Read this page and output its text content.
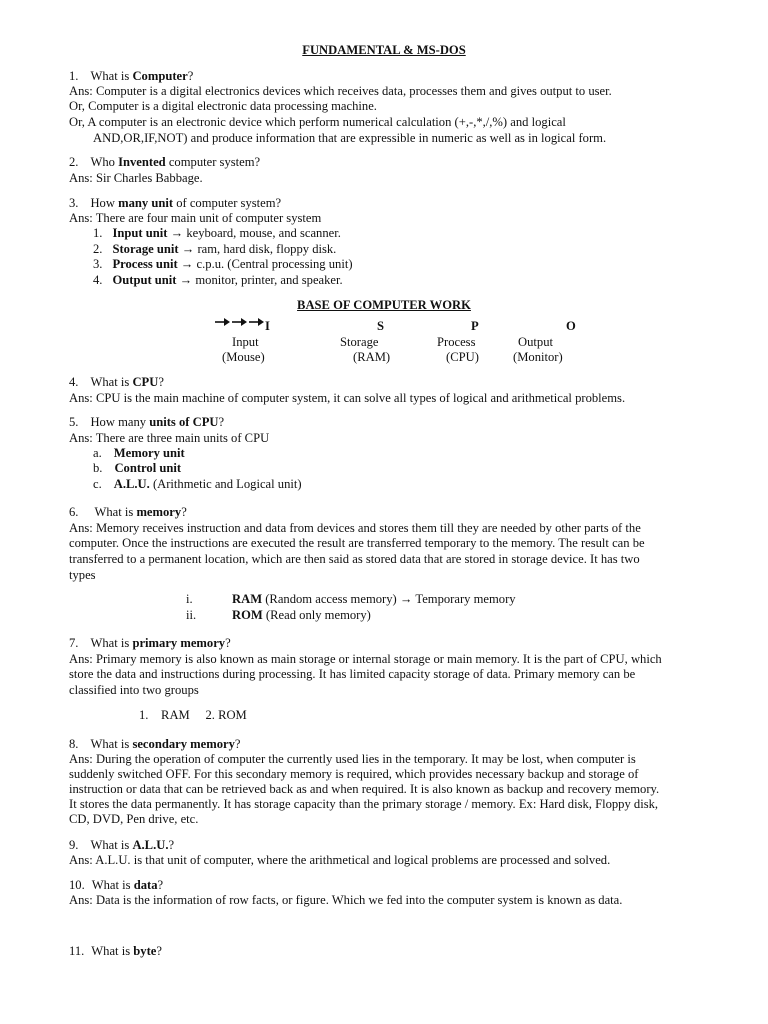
FUNDAMENTAL & MS-DOS
1. What is Computer?
Ans: Computer is a digital electronics devices which receives data, processes them and gives output to user.
Or, Computer is a digital electronic data processing machine.
Or, A computer is an electronic device which perform numerical calculation (+,-,*,/,%) and logical
AND,OR,IF,NOT) and produce information that are expressible in numeric as well as in logical form.
2. Who Invented computer system?
Ans: Sir Charles Babbage.
3. How many unit of computer system?
Ans: There are four main unit of computer system
1. Input unit → keyboard, mouse, and scanner.
2. Storage unit → ram, hard disk, floppy disk.
3. Process unit → c.p.u. (Central processing unit)
4. Output unit → monitor, printer, and speaker.
BASE OF COMPUTER WORK
I	S	P	O
Input	Storage	Process	Output
(Mouse)	(RAM)	(CPU)	(Monitor)
4. What is CPU?
Ans: CPU is the main machine of computer system, it can solve all types of logical and arithmetical problems.
5. How many units of CPU?
Ans: There are three main units of CPU
a. Memory unit
b. Control unit
c. A.L.U. (Arithmetic and Logical unit)
6. What is memory?
Ans: Memory receives instruction and data from devices and stores them till they are needed by other parts of the
computer. Once the instructions are executed the result are transferred temporary to the memory. The result can be
transferred to a permanent location, which are then said as stored data that are stored in storage device. It has two
types
i.	RAM (Random access memory) → Temporary memory
ii.	ROM (Read only memory)
7. What is primary memory?
Ans: Primary memory is also known as main storage or internal storage or main memory. It is the part of CPU, which
store the data and instructions during processing. It has limited capacity storage of data. Primary memory can be
classified into two groups
1.    RAM     2. ROM
8. What is secondary memory?
Ans: During the operation of computer the currently used lies in the temporary. It may be lost, when computer is
suddenly switched OFF. For this secondary memory is required, which provides necessary backup and storage of
instruction or data that can be retrieved back as and when required. It is also known as backup and recovery memory.
It stores the data permanently. It has storage capacity than the primary storage / memory. Ex: Hard disk, Floppy disk,
CD, DVD, Pen drive, etc.
9. What is A.L.U.?
Ans: A.L.U. is that unit of computer, where the arithmetical and logical problems are processed and solved.
10. What is data?
Ans: Data is the information of row facts, or figure. Which we fed into the computer system is known as data.
11. What is byte?
